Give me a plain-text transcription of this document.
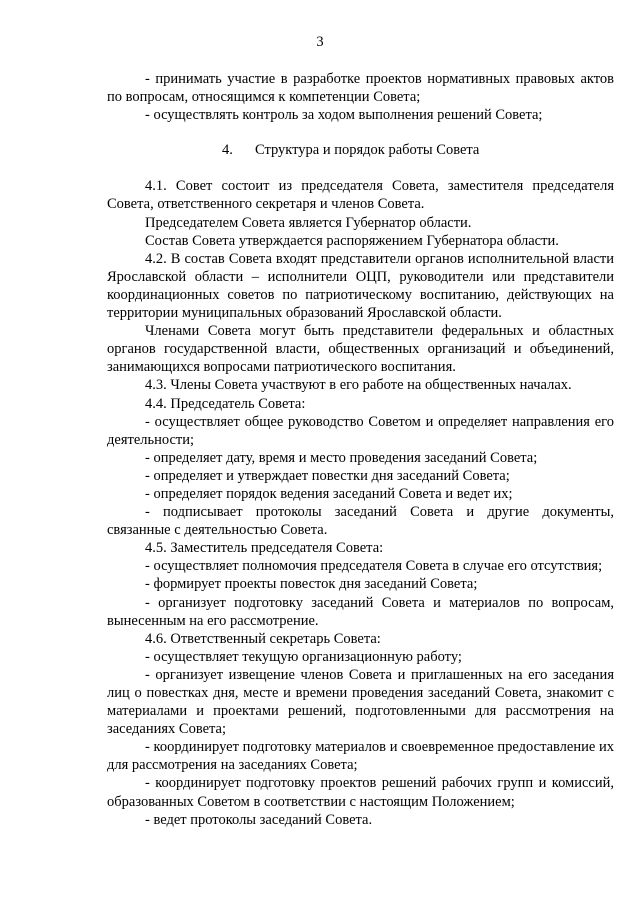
3

- принимать участие в разработке проектов нормативных правовых актов по вопросам, относящимся к компетенции Совета;

- осуществлять контроль за ходом выполнения решений Совета;

4. Структура и порядок работы Совета

4.1. Совет состоит из председателя Совета, заместителя председателя Совета, ответственного секретаря и членов Совета.

Председателем Совета является Губернатор области.

Состав Совета утверждается распоряжением Губернатора области.

4.2. В состав Совета входят представители органов исполнительной власти Ярославской области – исполнители ОЦП, руководители или представители координационных советов по патриотическому воспитанию, действующих на территории муниципальных образований Ярославской области.

Членами Совета могут быть представители федеральных и областных органов государственной власти, общественных организаций и объединений, занимающихся вопросами патриотического воспитания.

4.3. Члены Совета участвуют в его работе на общественных началах.

4.4. Председатель Совета:

- осуществляет общее руководство Советом и определяет направления его деятельности;

- определяет дату, время и место проведения заседаний Совета;

- определяет и утверждает повестки дня заседаний Совета;

- определяет порядок ведения заседаний Совета и ведет их;

- подписывает протоколы заседаний Совета и другие документы, связанные с деятельностью Совета.

4.5. Заместитель председателя Совета:

- осуществляет полномочия председателя Совета в случае его отсутствия;

- формирует проекты повесток дня заседаний Совета;

- организует подготовку заседаний Совета и материалов по вопросам, вынесенным на его рассмотрение.

4.6. Ответственный секретарь Совета:

- осуществляет текущую организационную работу;

- организует извещение членов Совета и приглашенных на его заседания лиц о повестках дня, месте и времени проведения заседаний Совета, знакомит с материалами и проектами решений, подготовленными для рассмотрения на заседаниях Совета;

- координирует подготовку материалов и своевременное предоставление их для рассмотрения на заседаниях Совета;

- координирует подготовку проектов решений рабочих групп и комиссий, образованных Советом в соответствии с настоящим Положением;

- ведет протоколы заседаний Совета.
